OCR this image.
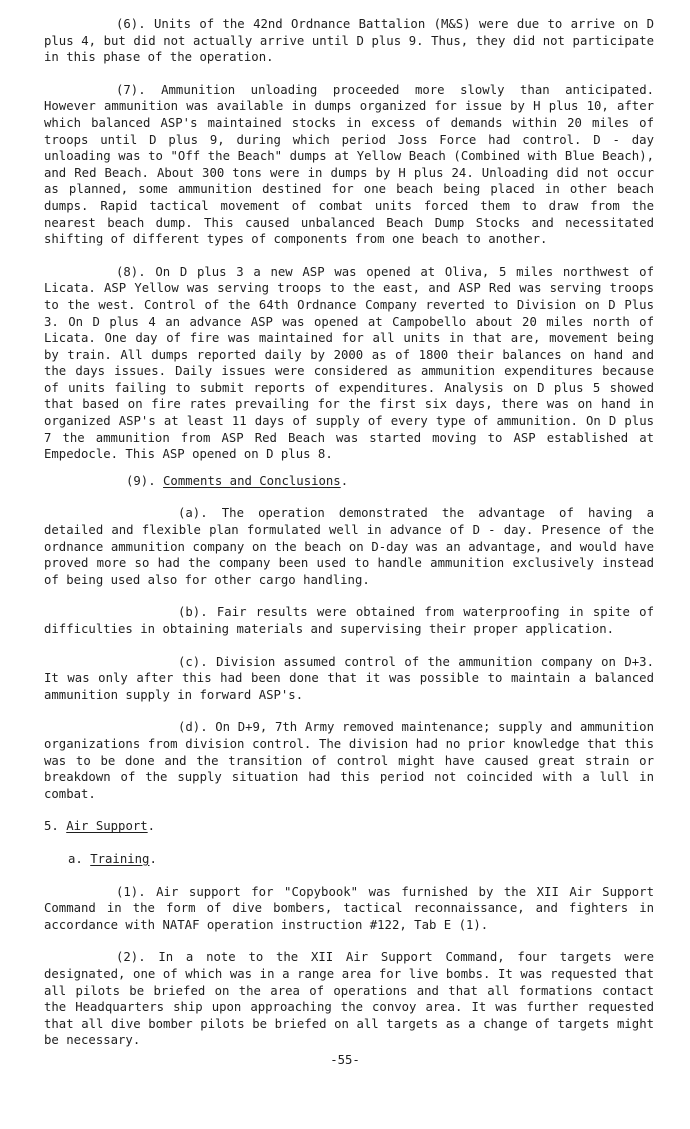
(6). Units of the 42nd Ordnance Battalion (M&S) were due to arrive on D plus 4, but did not actually arrive until D plus 9. Thus, they did not participate in this phase of the operation.

(7). Ammunition unloading proceeded more slowly than anticipated. However ammunition was available in dumps organized for issue by H plus 10, after which balanced ASP's maintained stocks in excess of demands within 20 miles of troops until D plus 9, during which period Joss Force had control. D - day unloading was to "Off the Beach" dumps at Yellow Beach (Combined with Blue Beach), and Red Beach. About 300 tons were in dumps by H plus 24. Unloading did not occur as planned, some ammunition destined for one beach being placed in other beach dumps. Rapid tactical movement of combat units forced them to draw from the nearest beach dump. This caused unbalanced Beach Dump Stocks and necessitated shifting of different types of components from one beach to another.

(8). On D plus 3 a new ASP was opened at Oliva, 5 miles northwest of Licata. ASP Yellow was serving troops to the east, and ASP Red was serving troops to the west. Control of the 64th Ordnance Company reverted to Division on D Plus 3. On D plus 4 an advance ASP was opened at Campobello about 20 miles north of Licata. One day of fire was maintained for all units in that are, movement being by train. All dumps reported daily by 2000 as of 1800 their balances on hand and the days issues. Daily issues were considered as ammunition expenditures because of units failing to submit reports of expenditures. Analysis on D plus 5 showed that based on fire rates prevailing for the first six days, there was on hand in organized ASP's at least 11 days of supply of every type of ammunition. On D plus 7 the ammunition from ASP Red Beach was started moving to ASP established at Empedocle. This ASP opened on D plus 8.

(9). Comments and Conclusions.

(a). The operation demonstrated the advantage of having a detailed and flexible plan formulated well in advance of D - day. Presence of the ordnance ammunition company on the beach on D-day was an advantage, and would have proved more so had the company been used to handle ammunition exclusively instead of being used also for other cargo handling.

(b). Fair results were obtained from waterproofing in spite of difficulties in obtaining materials and supervising their proper application.

(c). Division assumed control of the ammunition company on D+3. It was only after this had been done that it was possible to maintain a balanced ammunition supply in forward ASP's.

(d). On D+9, 7th Army removed maintenance; supply and ammunition organizations from division control. The division had no prior knowledge that this was to be done and the transition of control might have caused great strain or breakdown of the supply situation had this period not coincided with a lull in combat.

5. Air Support.

a. Training.

(1). Air support for "Copybook" was furnished by the XII Air Support Command in the form of dive bombers, tactical reconnaissance, and fighters in accordance with NATAF operation instruction #122, Tab E (1).

(2). In a note to the XII Air Support Command, four targets were designated, one of which was in a range area for live bombs. It was requested that all pilots be briefed on the area of operations and that all formations contact the Headquarters ship upon approaching the convoy area. It was further requested that all dive bomber pilots be briefed on all targets as a change of targets might be necessary.

-55-
